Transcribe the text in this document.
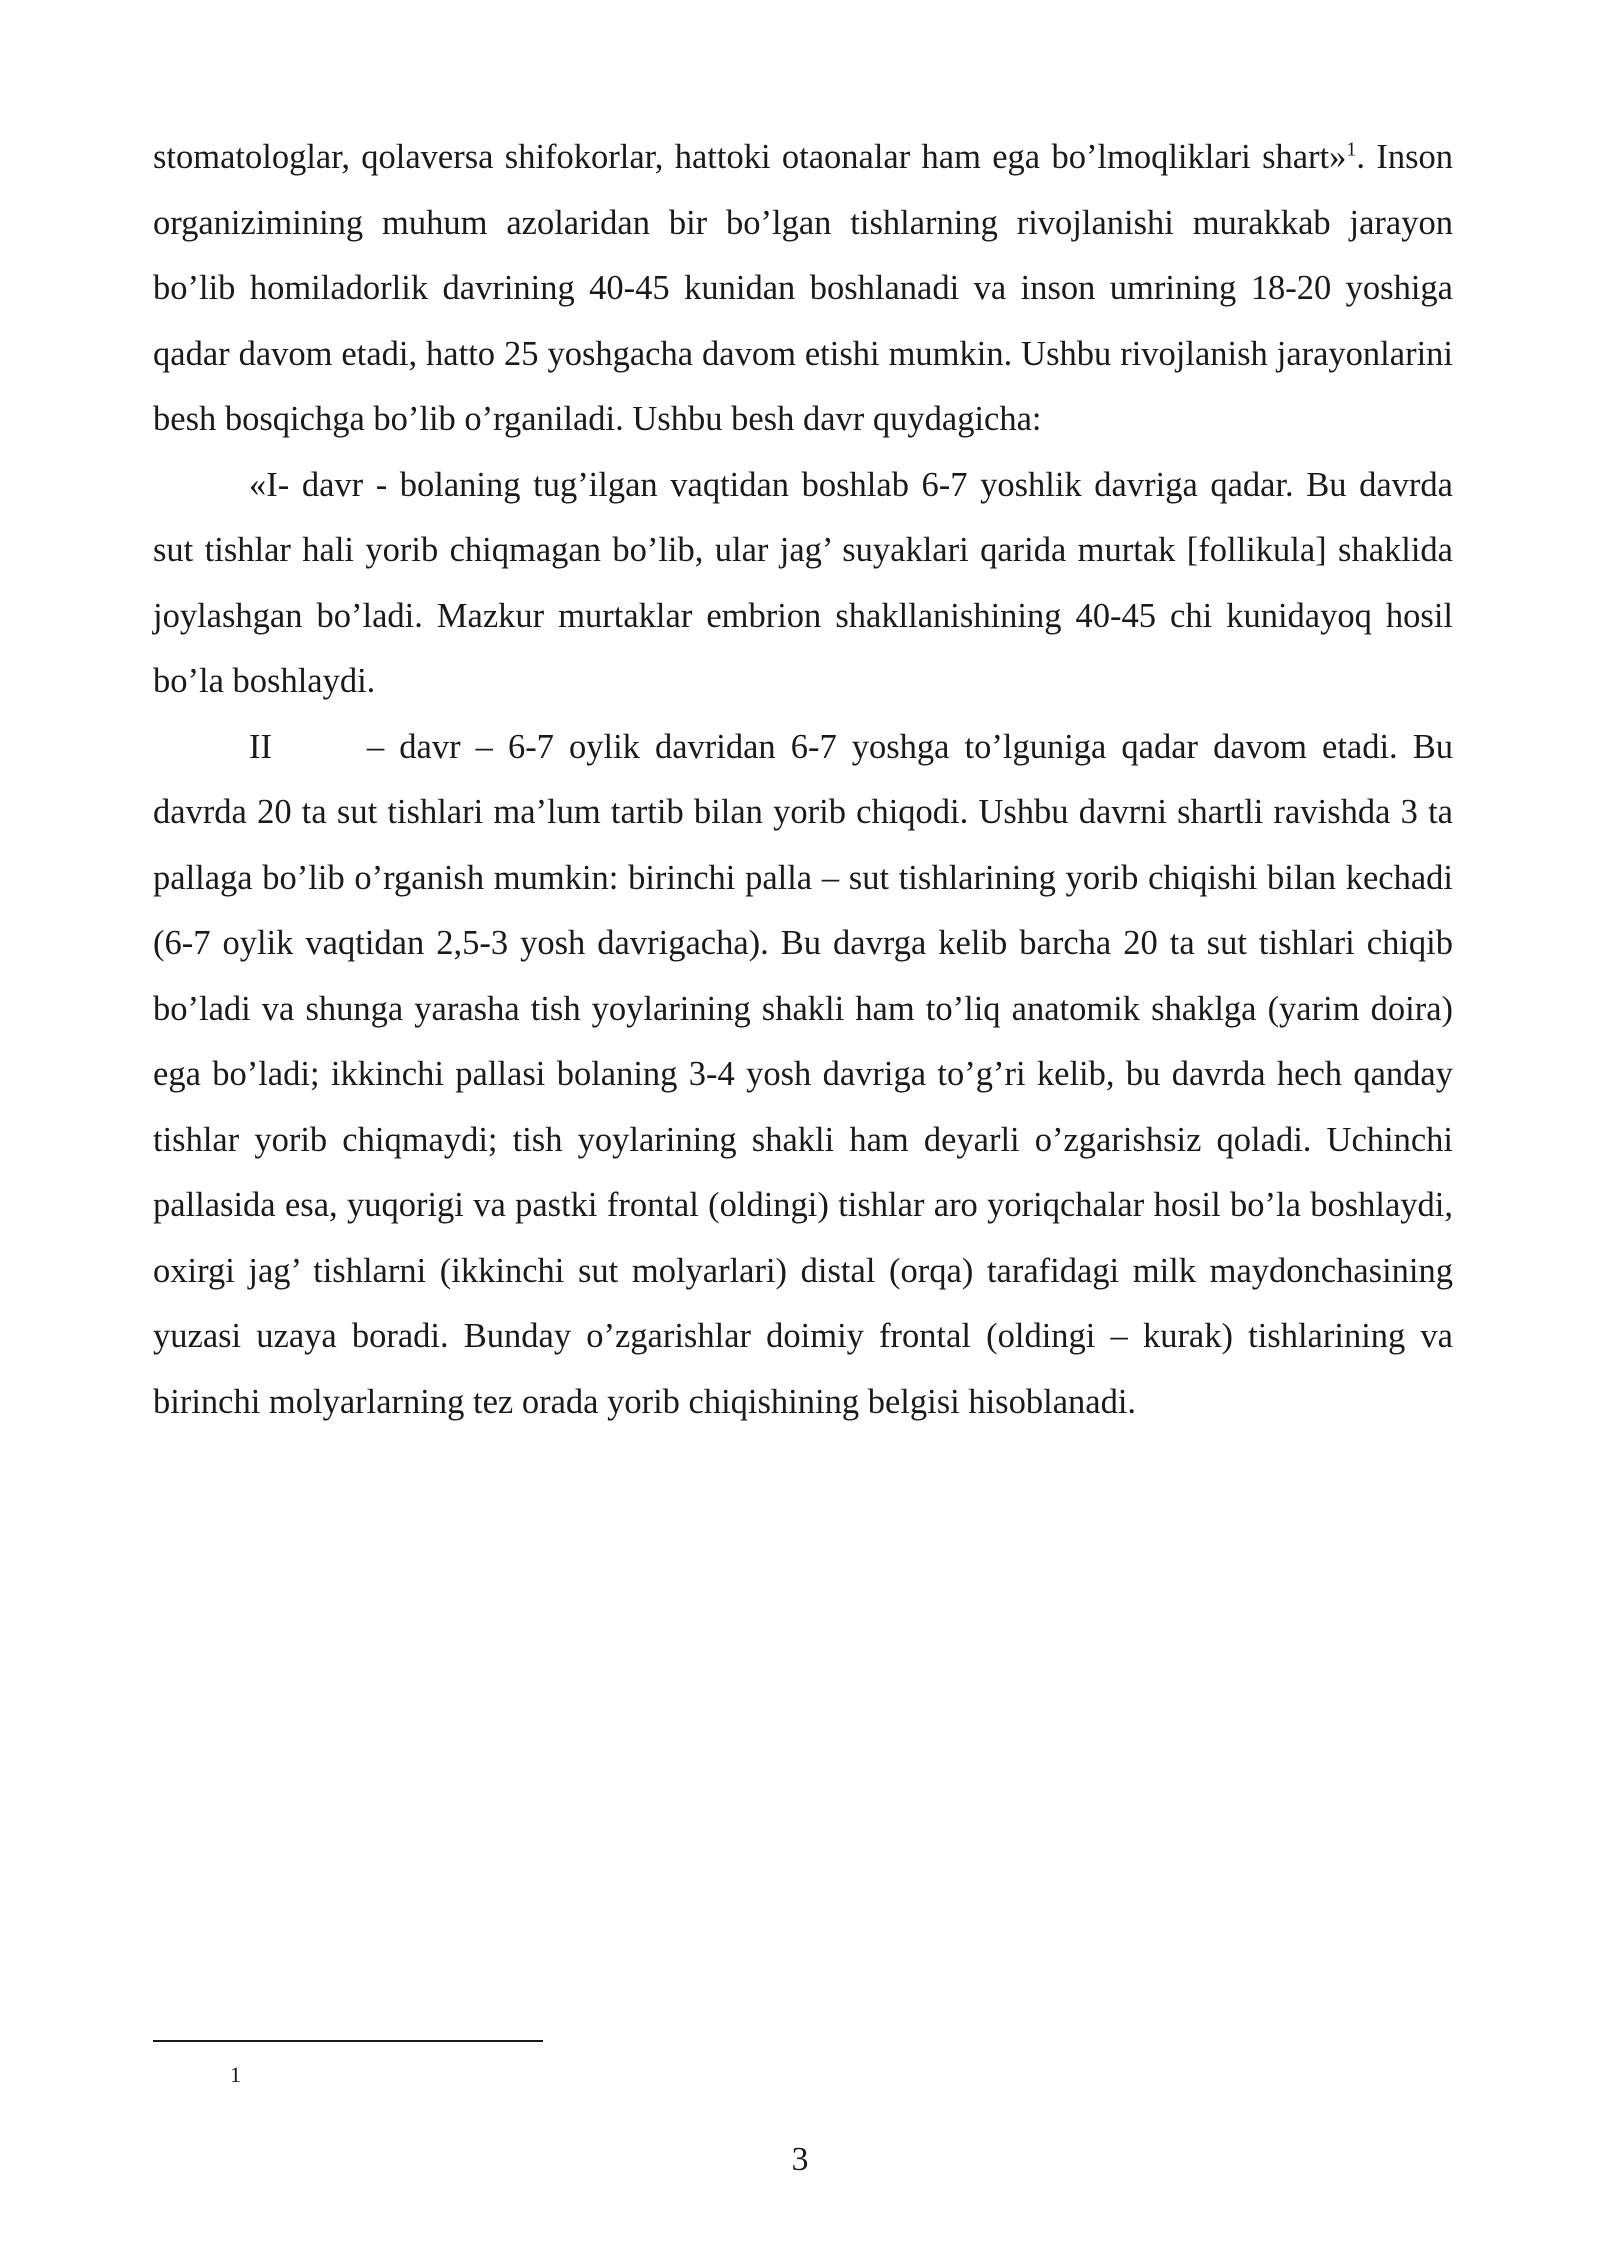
stomatologlar, qolaversa shifokorlar, hattoki otaonalar ham ega bo’lmoqliklari shart»$^1$. Inson organizimining muhum azolaridan bir bo’lgan tishlarning rivojlanishi murakkab jarayon bo’lib homiladorlik davrining 40-45 kunidan boshlanadi va inson umrining 18-20 yoshiga qadar davom etadi, hatto 25 yoshgacha davom etishi mumkin. Ushbu rivojlanish jarayonlarini besh bosqichga bo’lib o’rganiladi. Ushbu besh davr quydagicha:

«I- davr - bolaning tug’ilgan vaqtidan boshlab 6-7 yoshlik davriga qadar. Bu davrda sut tishlar hali yorib chiqmagan bo’lib, ular jag’ suyaklari qarida murtak [follikula] shaklida joylashgan bo’ladi. Mazkur murtaklar embrion shakllanishining 40-45 chi kunidayoq hosil bo’la boshlaydi.

II	– davr – 6-7 oylik davridan 6-7 yoshga to’lguniga qadar davom etadi. Bu davrda 20 ta sut tishlari ma’lum tartib bilan yorib chiqodi. Ushbu davrni shartli ravishda 3 ta pallaga bo’lib o’rganish mumkin: birinchi palla – sut tishlarining yorib chiqishi bilan kechadi (6-7 oylik vaqtidan 2,5-3 yosh davrigacha). Bu davrga kelib barcha 20 ta sut tishlari chiqib bo’ladi va shunga yarasha tish yoylarining shakli ham to’liq anatomik shaklga (yarim doira) ega bo’ladi; ikkinchi pallasi bolaning 3-4 yosh davriga to’g’ri kelib, bu davrda hech qanday tishlar yorib chiqmaydi; tish yoylarining shakli ham deyarli o’zgarishsiz qoladi. Uchinchi pallasida esa, yuqorigi va pastki frontal (oldingi) tishlar aro yoriqchalar hosil bo’la boshlaydi, oxirgi jag’ tishlarni (ikkinchi sut molyarlari) distal (orqa) tarafidagi milk maydonchasining yuzasi uzaya boradi. Bunday o’zgarishlar doimiy frontal (oldingi – kurak) tishlarining va birinchi molyarlarning tez orada yorib chiqishining belgisi hisoblanadi.

1
3
